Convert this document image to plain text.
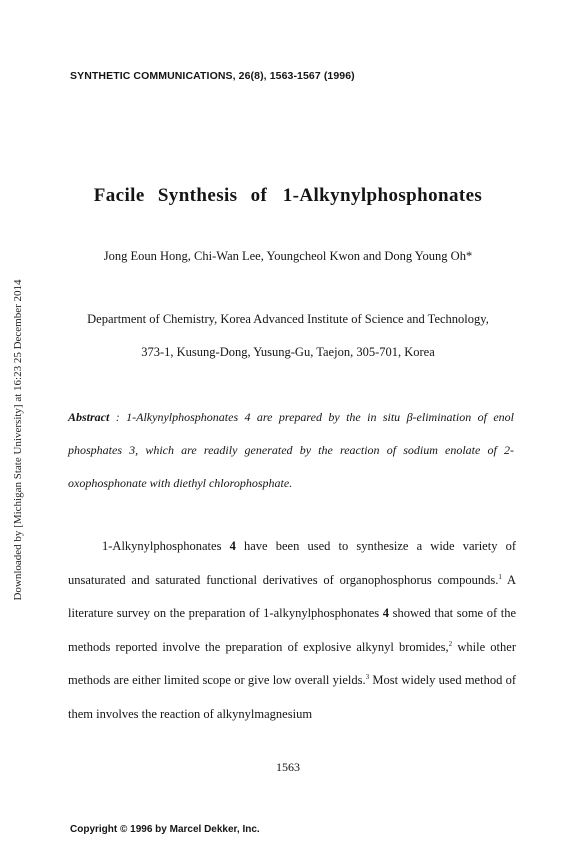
Downloaded by [Michigan State University] at 16:23 25 December 2014
SYNTHETIC COMMUNICATIONS, 26(8), 1563-1567 (1996)
Facile Synthesis of 1-Alkynylphosphonates
Jong Eoun Hong, Chi-Wan Lee, Youngcheol Kwon and Dong Young Oh*
Department of Chemistry, Korea Advanced Institute of Science and Technology,
373-1, Kusung-Dong, Yusung-Gu, Taejon, 305-701, Korea
Abstract : 1-Alkynylphosphonates 4 are prepared by the in situ β-elimination of enol phosphates 3, which are readily generated by the reaction of sodium enolate of 2-oxophosphonate with diethyl chlorophosphate.

1-Alkynylphosphonates 4 have been used to synthesize a wide variety of unsaturated and saturated functional derivatives of organophosphorus compounds.$^1$ A literature survey on the preparation of 1-alkynylphosphonates 4 showed that some of the methods reported involve the preparation of explosive alkynyl bromides,$^2$ while other methods are either limited scope or give low overall yields.$^3$ Most widely used method of them involves the reaction of alkynylmagnesium

1563
Copyright © 1996 by Marcel Dekker, Inc.
